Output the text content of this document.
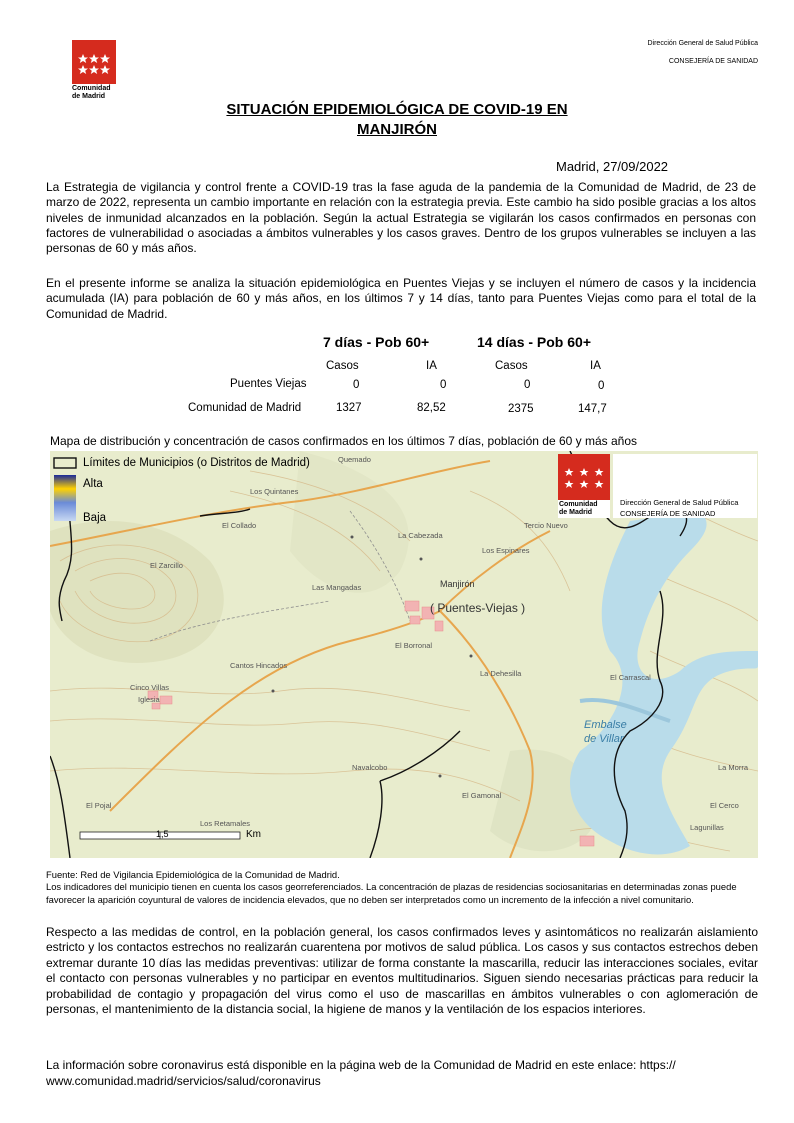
Comunidad
de Madrid
Dirección General de Salud Pública
CONSEJERÍA DE SANIDAD
SITUACIÓN EPIDEMIOLÓGICA DE COVID-19 EN
MANJIRÓN
Madrid, 27/09/2022
La Estrategia de vigilancia y control frente a COVID-19 tras la fase aguda de la pandemia de la Comunidad de Madrid, de 23 de marzo de 2022, representa un cambio importante en relación con la estrategia previa. Este cambio ha sido posible gracias a los altos niveles de inmunidad alcanzados en la población. Según la actual Estrategia se vigilarán los casos confirmados en personas con factores de vulnerabilidad o asociadas a ámbitos vulnerables y los casos graves. Dentro de los grupos vulnerables se incluyen a las personas de 60 y más años.
En el presente informe se analiza la situación epidemiológica en Puentes Viejas y se incluyen el número de casos y la incidencia acumulada (IA) para población de 60 y más años, en los últimos 7 y 14 días, tanto para Puentes Viejas como para el total de la Comunidad de Madrid.
7 días - Pob 60+	14 días - Pob 60+
Casos	IA	Casos	IA
Puentes Viejas	0	0	0	0
Comunidad de Madrid	1327	82,52	2375	147,7
Mapa de distribución y concentración de casos confirmados en los últimos 7 días, población de 60 y más años
Límites de Municipios (o Distritos de Madrid)
Alta
Baja
Comunidad
de Madrid
Dirección General de Salud Pública
CONSEJERÍA DE SANIDAD
1,5	Km
Quemado
Los Quintanes
El Collado
El Zarcillo
La Cabezada
Los Espinares
Tercio Nuevo
Manjirón
( Puentes-Viejas )
Las Mangadas
El Borronal
Cantos Hincados
Cinco Villas
Iglesia
La Dehesilla	El Carrascal
Embalse
de Villar
Navalcobo
El Gamonal
El Pojal
Los Retamales
La Morra
El Cerco
Lagunillas
Fuente: Red de Vigilancia Epidemiológica de la Comunidad de Madrid.
Los indicadores del municipio tienen en cuenta los casos georreferenciados. La concentración de plazas de residencias sociosanitarias en determinadas zonas puede favorecer la aparición coyuntural de valores de incidencia elevados, que no deben ser interpretados como un incremento de la infección a nivel comunitario.
Respecto a las medidas de control, en la población general, los casos confirmados leves y asintomáticos no realizarán aislamiento estricto y los contactos estrechos no realizarán cuarentena por motivos de salud pública. Los casos y sus contactos estrechos deben extremar durante 10 días las medidas preventivas: utilizar de forma constante la mascarilla, reducir las interacciones sociales, evitar el contacto con personas vulnerables y no participar en eventos multitudinarios. Siguen siendo necesarias prácticas para reducir la probabilidad de contagio y propagación del virus como el uso de mascarillas en ámbitos vulnerables o con aglomeración de personas, el mantenimiento de la distancia social, la higiene de manos y la ventilación de los espacios interiores.
La información sobre coronavirus está disponible en la página web de la Comunidad de Madrid en este enlace: https://
www.comunidad.madrid/servicios/salud/coronavirus
